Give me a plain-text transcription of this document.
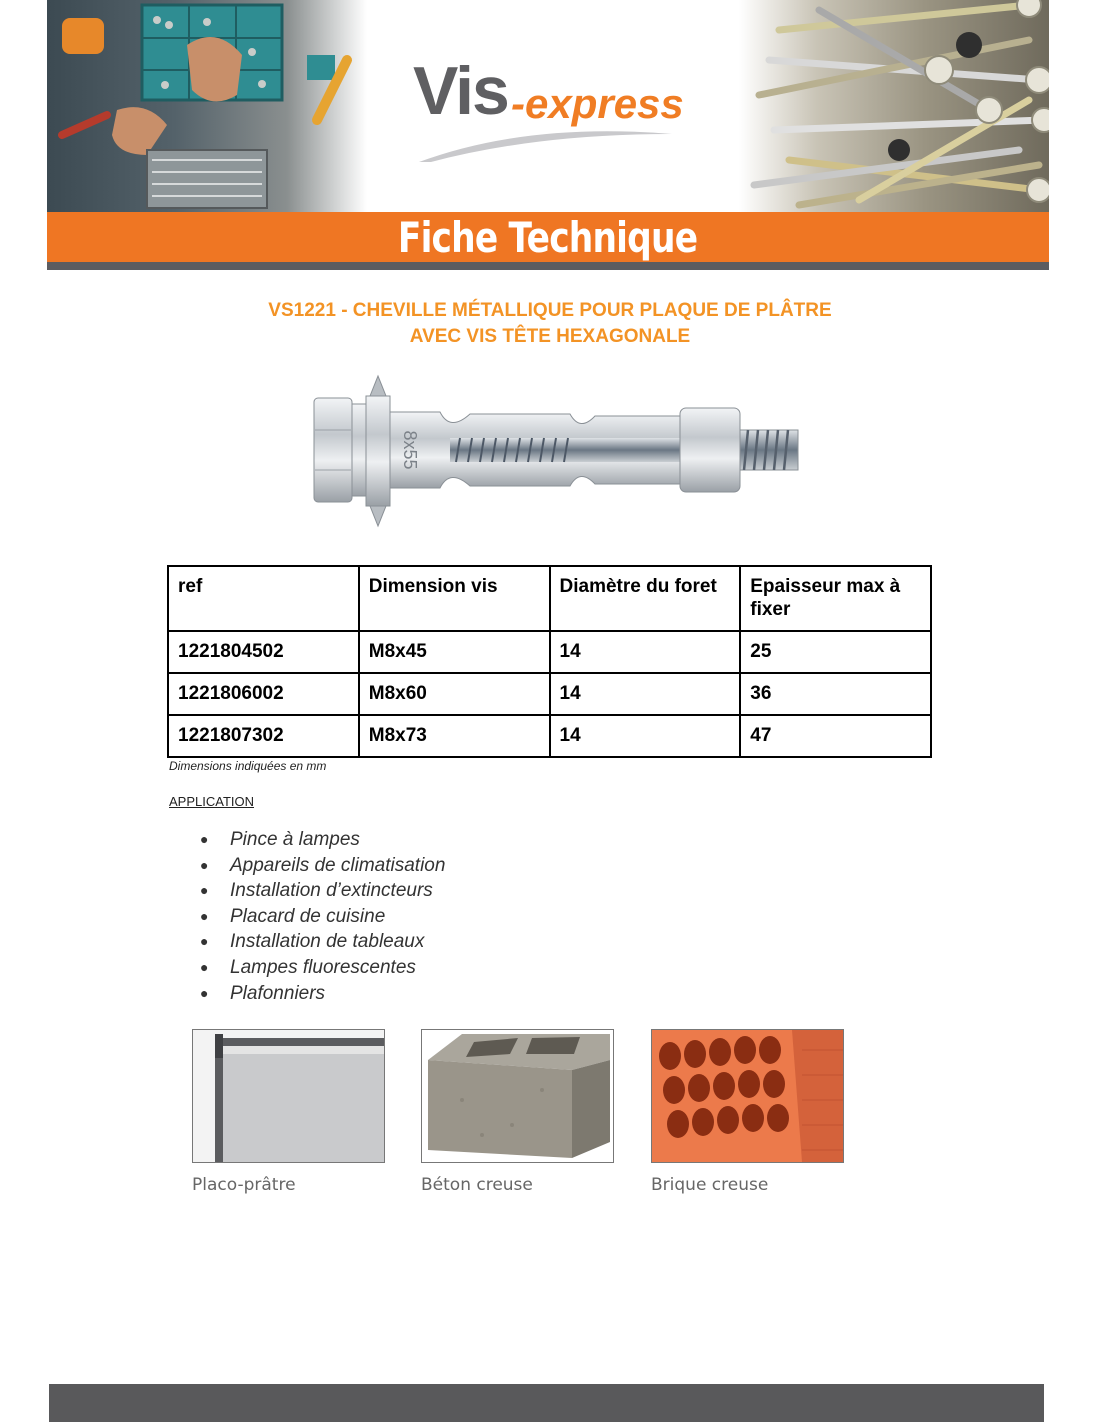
Vis -express
Fiche Technique
VS1221 - CHEVILLE MÉTALLIQUE POUR PLAQUE DE PLÂTRE
AVEC VIS TÊTE HEXAGONALE
8x55
ref	Dimension vis	Diamètre du foret	Epaisseur max à fixer
1221804502	M8x45	14	25
1221806002	M8x60	14	36
1221807302	M8x73	14	47
Dimensions indiquées en mm
APPLICATION
● Pince à lampes
● Appareils de climatisation
● Installation d’extincteurs
● Placard de cuisine
● Installation de tableaux
● Lampes fluorescentes
● Plafonniers
Placo-prâtre	Béton creuse	Brique creuse
